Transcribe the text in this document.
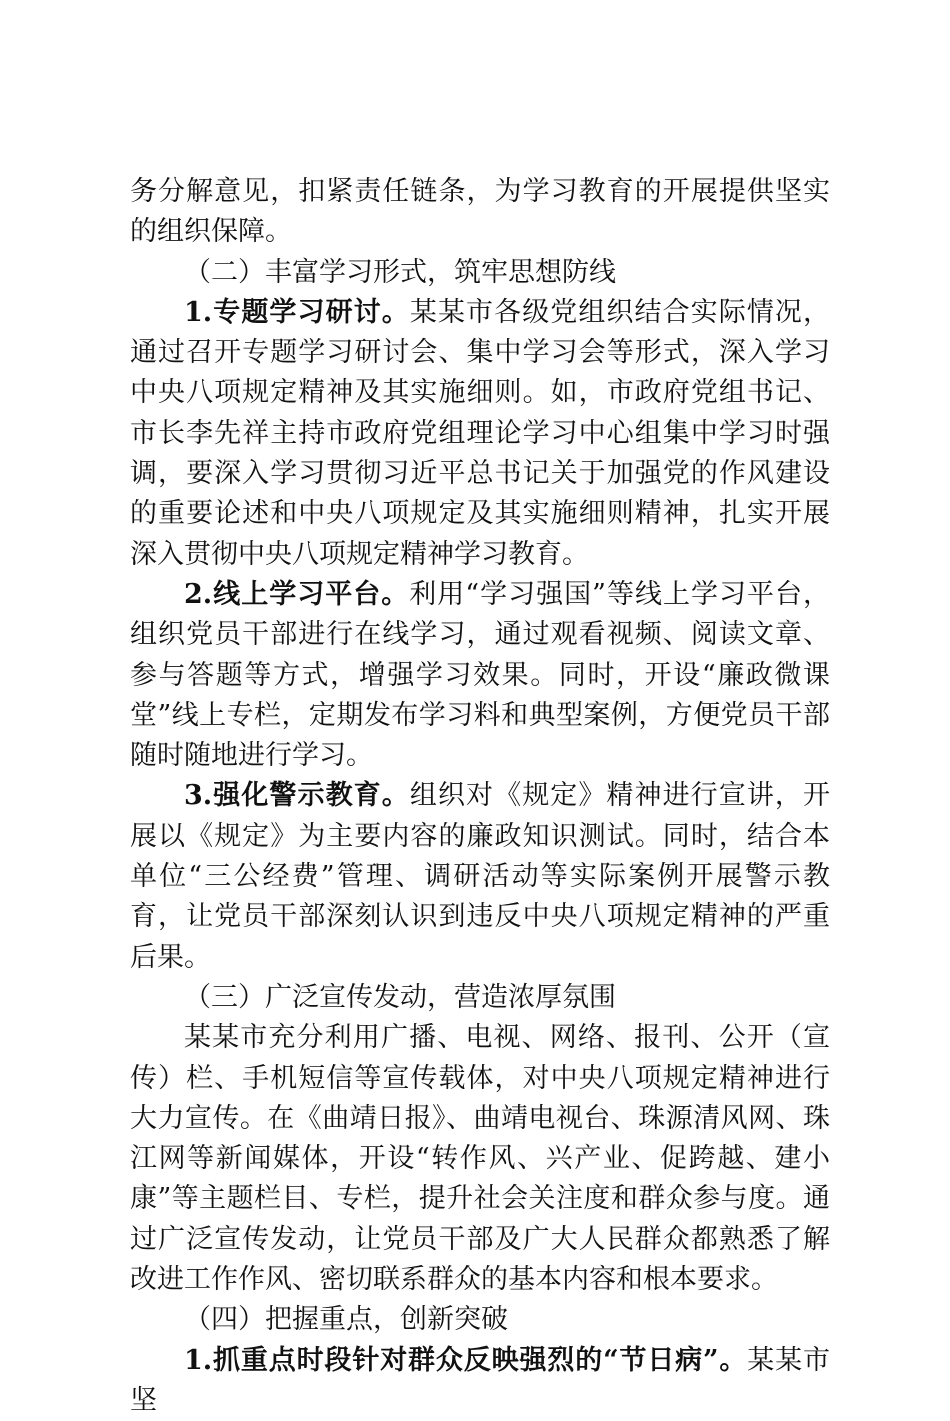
务分解意见，扣紧责任链条，为学习教育的开展提供坚实的组织保障。

（二）丰富学习形式，筑牢思想防线

1.专题学习研讨。某某市各级党组织结合实际情况，通过召开专题学习研讨会、集中学习会等形式，深入学习中央八项规定精神及其实施细则。如，市政府党组书记、市长李先祥主持市政府党组理论学习中心组集中学习时强调，要深入学习贯彻习近平总书记关于加强党的作风建设的重要论述和中央八项规定及其实施细则精神，扎实开展深入贯彻中央八项规定精神学习教育。

2.线上学习平台。利用“学习强国”等线上学习平台，组织党员干部进行在线学习，通过观看视频、阅读文章、参与答题等方式，增强学习效果。同时，开设“廉政微课堂”线上专栏，定期发布学习料和典型案例，方便党员干部随时随地进行学习。

3.强化警示教育。组织对《规定》精神进行宣讲，开展以《规定》为主要内容的廉政知识测试。同时，结合本单位“三公经费”管理、调研活动等实际案例开展警示教育，让党员干部深刻认识到违反中央八项规定精神的严重后果。

（三）广泛宣传发动，营造浓厚氛围

某某市充分利用广播、电视、网络、报刊、公开（宣传）栏、手机短信等宣传载体，对中央八项规定精神进行大力宣传。在《曲靖日报》、曲靖电视台、珠源清风网、珠江网等新闻媒体，开设“转作风、兴产业、促跨越、建小康”等主题栏目、专栏，提升社会关注度和群众参与度。通过广泛宣传发动，让党员干部及广大人民群众都熟悉了解改进工作作风、密切联系群众的基本内容和根本要求。

（四）把握重点，创新突破

1.抓重点时段针对群众反映强烈的“节日病”。某某市坚
